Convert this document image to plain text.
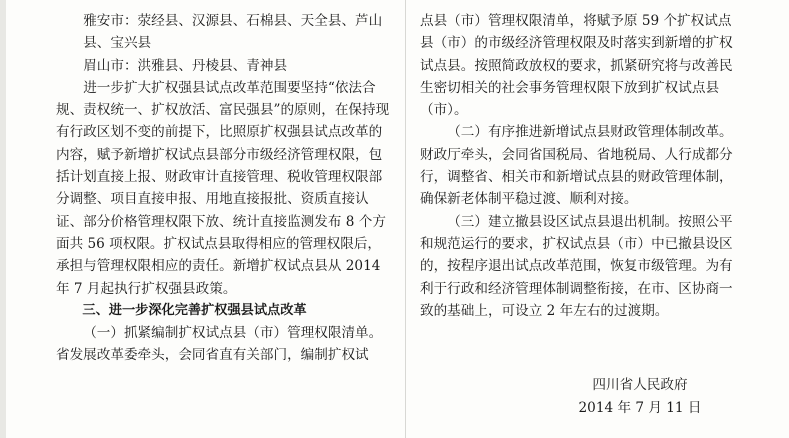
雅安市：荥经县、汉源县、石棉县、天全县、芦山县、宝兴县

眉山市：洪雅县、丹棱县、青神县

进一步扩大扩权强县试点改革范围要坚持“依法合规、责权统一、扩权放活、富民强县”的原则，在保持现有行政区划不变的前提下，比照原扩权强县试点改革的内容，赋予新增扩权试点县部分市级经济管理权限，包括计划直接上报、财政审计直接管理、税收管理权限部分调整、项目直接申报、用地直接报批、资质直接认证、部分价格管理权限下放、统计直接监测发布 8 个方面共 56 项权限。扩权试点县取得相应的管理权限后，承担与管理权限相应的责任。新增扩权试点县从 2014 年 7 月起执行扩权强县政策。

三、进一步深化完善扩权强县试点改革

（一）抓紧编制扩权试点县（市）管理权限清单。省发展改革委牵头，会同省直有关部门，编制扩权试

点县（市）管理权限清单，将赋予原 59 个扩权试点县（市）的市级经济管理权限及时落实到新增的扩权试点县。按照简政放权的要求，抓紧研究将与改善民生密切相关的社会事务管理权限下放到扩权试点县（市）。

（二）有序推进新增试点县财政管理体制改革。财政厅牵头，会同省国税局、省地税局、人行成都分行，调整省、相关市和新增试点县的财政管理体制，确保新老体制平稳过渡、顺利对接。

（三）建立撤县设区试点县退出机制。按照公平和规范运行的要求，扩权试点县（市）中已撤县设区的，按程序退出试点改革范围，恢复市级管理。为有利于行政和经济管理体制调整衔接，在市、区协商一致的基础上，可设立 2 年左右的过渡期。

四川省人民政府
2014 年 7 月 11 日
